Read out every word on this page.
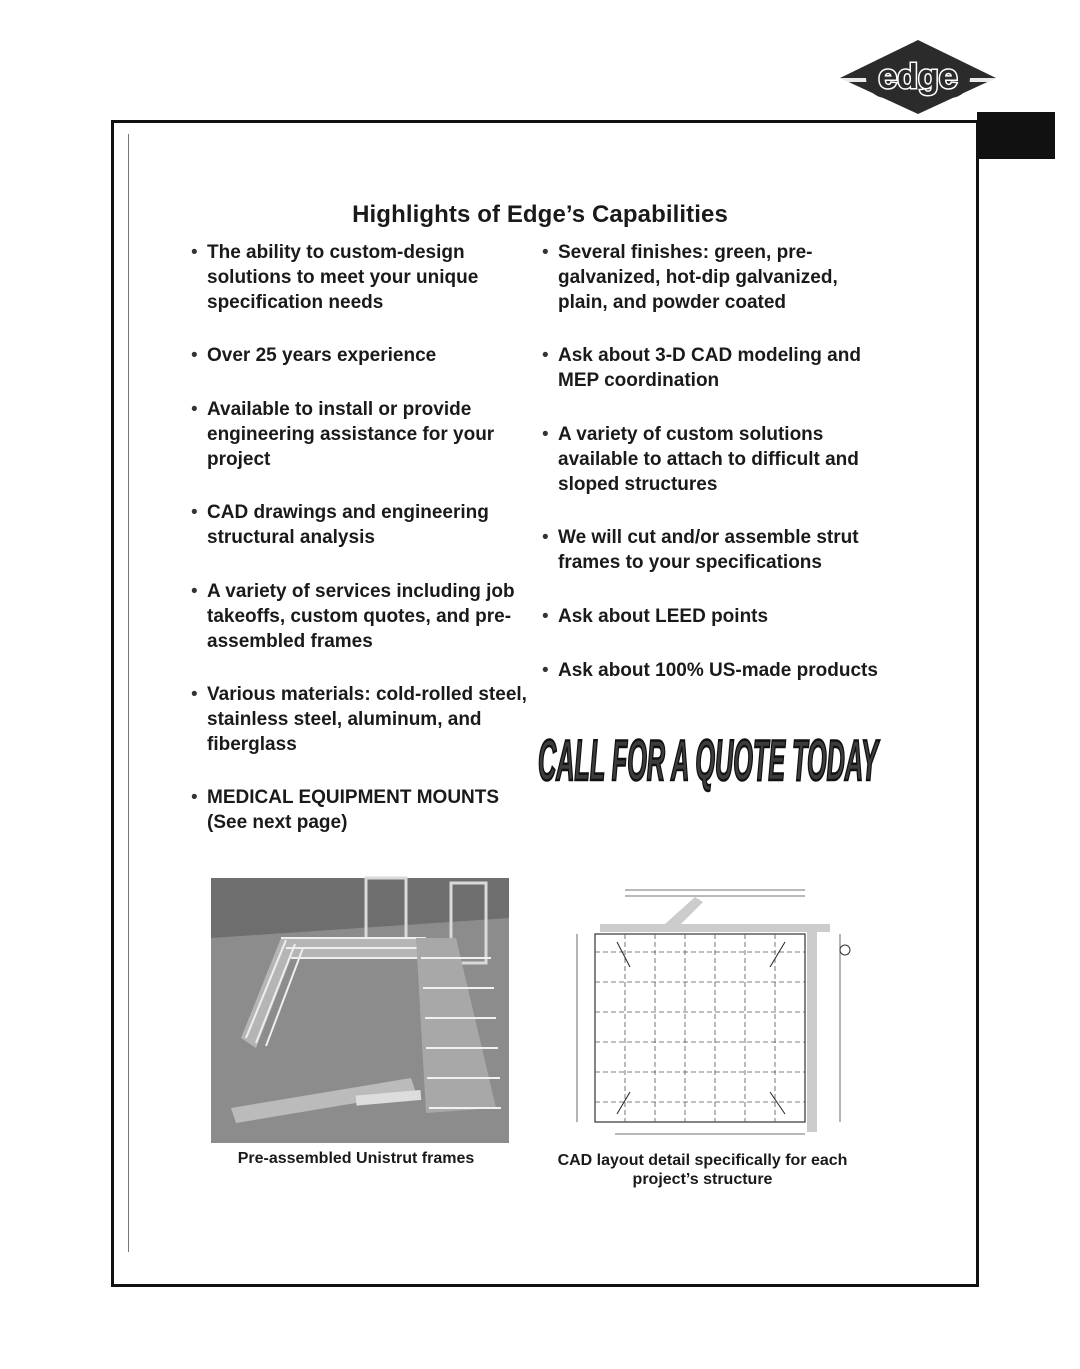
edge
Highlights of Edge’s Capabilities
• The ability to custom-design solutions to meet your unique specification needs
• Over 25 years experience
• Available to install or provide engineering assistance for your project
• CAD drawings and engineering structural analysis
• A variety of services including job takeoffs, custom quotes, and pre-assembled frames
• Various materials: cold-rolled steel, stainless steel, aluminum, and fiberglass
• MEDICAL EQUIPMENT MOUNTS (See next page)
• Several finishes: green, pre-galvanized, hot-dip galvanized, plain, and powder coated
• Ask about 3-D CAD modeling and MEP coordination
• A variety of custom solutions available to attach to difficult and sloped structures
• We will cut and/or assemble strut frames to your specifications
• Ask about LEED points
• Ask about 100% US-made products
CALL FOR A QUOTE TODAY
Pre-assembled Unistrut frames	CAD layout detail specifically for each project’s structure
